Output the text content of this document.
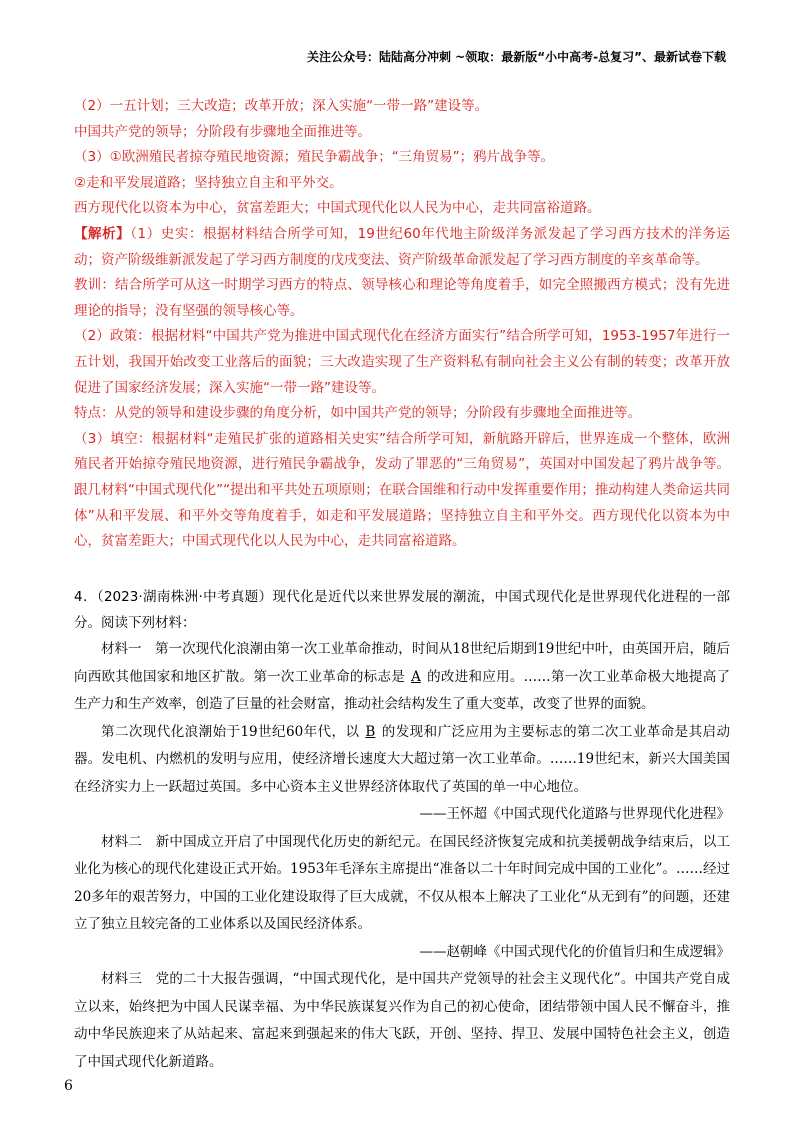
关注公众号：陆陆高分冲刺 ~领取：最新版“小中高考-总复习”、最新试卷下载

（2）一五计划；三大改造；改革开放；深入实施“一带一路”建设等。

中国共产党的领导；分阶段有步骤地全面推进等。

（3）①欧洲殖民者掠夺殖民地资源；殖民争霸战争；“三角贸易”；鸦片战争等。

②走和平发展道路；坚持独立自主和平外交。

西方现代化以资本为中心，贫富差距大；中国式现代化以人民为中心，走共同富裕道路。

【解析】（1）史实：根据材料结合所学可知，19世纪60年代地主阶级洋务派发起了学习西方技术的洋务运动；资产阶级维新派发起了学习西方制度的戊戌变法、资产阶级革命派发起了学习西方制度的辛亥革命等。

教训：结合所学可从这一时期学习西方的特点、领导核心和理论等角度着手，如完全照搬西方模式；没有先进理论的指导；没有坚强的领导核心等。

（2）政策：根据材料“中国共产党为推进中国式现代化在经济方面实行”结合所学可知，1953-1957年进行一五计划，我国开始改变工业落后的面貌；三大改造实现了生产资料私有制向社会主义公有制的转变；改革开放促进了国家经济发展；深入实施“一带一路”建设等。

特点：从党的领导和建设步骤的角度分析，如中国共产党的领导；分阶段有步骤地全面推进等。

（3）填空：根据材料“走殖民扩张的道路相关史实”结合所学可知，新航路开辟后，世界连成一个整体，欧洲殖民者开始掠夺殖民地资源，进行殖民争霸战争，发动了罪恶的“三角贸易”，英国对中国发起了鸦片战争等。跟几材料“中国式现代化”“提出和平共处五项原则；在联合国维和行动中发挥重要作用；推动构建人类命运共同体”从和平发展、和平外交等角度着手，如走和平发展道路；坚持独立自主和平外交。西方现代化以资本为中心，贫富差距大；中国式现代化以人民为中心，走共同富裕道路。

4．（2023·湖南株洲·中考真题）现代化是近代以来世界发展的潮流，中国式现代化是世界现代化进程的一部分。阅读下列材料：

材料一　第一次现代化浪潮由第一次工业革命推动，时间从18世纪后期到19世纪中叶，由英国开启，随后向西欧其他国家和地区扩散。第一次工业革命的标志是 A 的改进和应用。……第一次工业革命极大地提高了生产力和生产效率，创造了巨量的社会财富，推动社会结构发生了重大变革，改变了世界的面貌。

第二次现代化浪潮始于19世纪60年代，以 B 的发现和广泛应用为主要标志的第二次工业革命是其启动器。发电机、内燃机的发明与应用，使经济增长速度大大超过第一次工业革命。……19世纪末，新兴大国美国在经济实力上一跃超过英国。多中心资本主义世界经济体取代了英国的单一中心地位。

——王怀超《中国式现代化道路与世界现代化进程》

材料二　新中国成立开启了中国现代化历史的新纪元。在国民经济恢复完成和抗美援朝战争结束后，以工业化为核心的现代化建设正式开始。1953年毛泽东主席提出“准备以二十年时间完成中国的工业化”。……经过20多年的艰苦努力，中国的工业化建设取得了巨大成就，不仅从根本上解决了工业化“从无到有”的问题，还建立了独立且较完备的工业体系以及国民经济体系。

——赵朝峰《中国式现代化的价值旨归和生成逻辑》

材料三　党的二十大报告强调，“中国式现代化，是中国共产党领导的社会主义现代化”。中国共产党自成立以来，始终把为中国人民谋幸福、为中华民族谋复兴作为自己的初心使命，团结带领中国人民不懈奋斗，推动中华民族迎来了从站起来、富起来到强起来的伟大飞跃，开创、坚持、捍卫、发展中国特色社会主义，创造了中国式现代化新道路。

6
